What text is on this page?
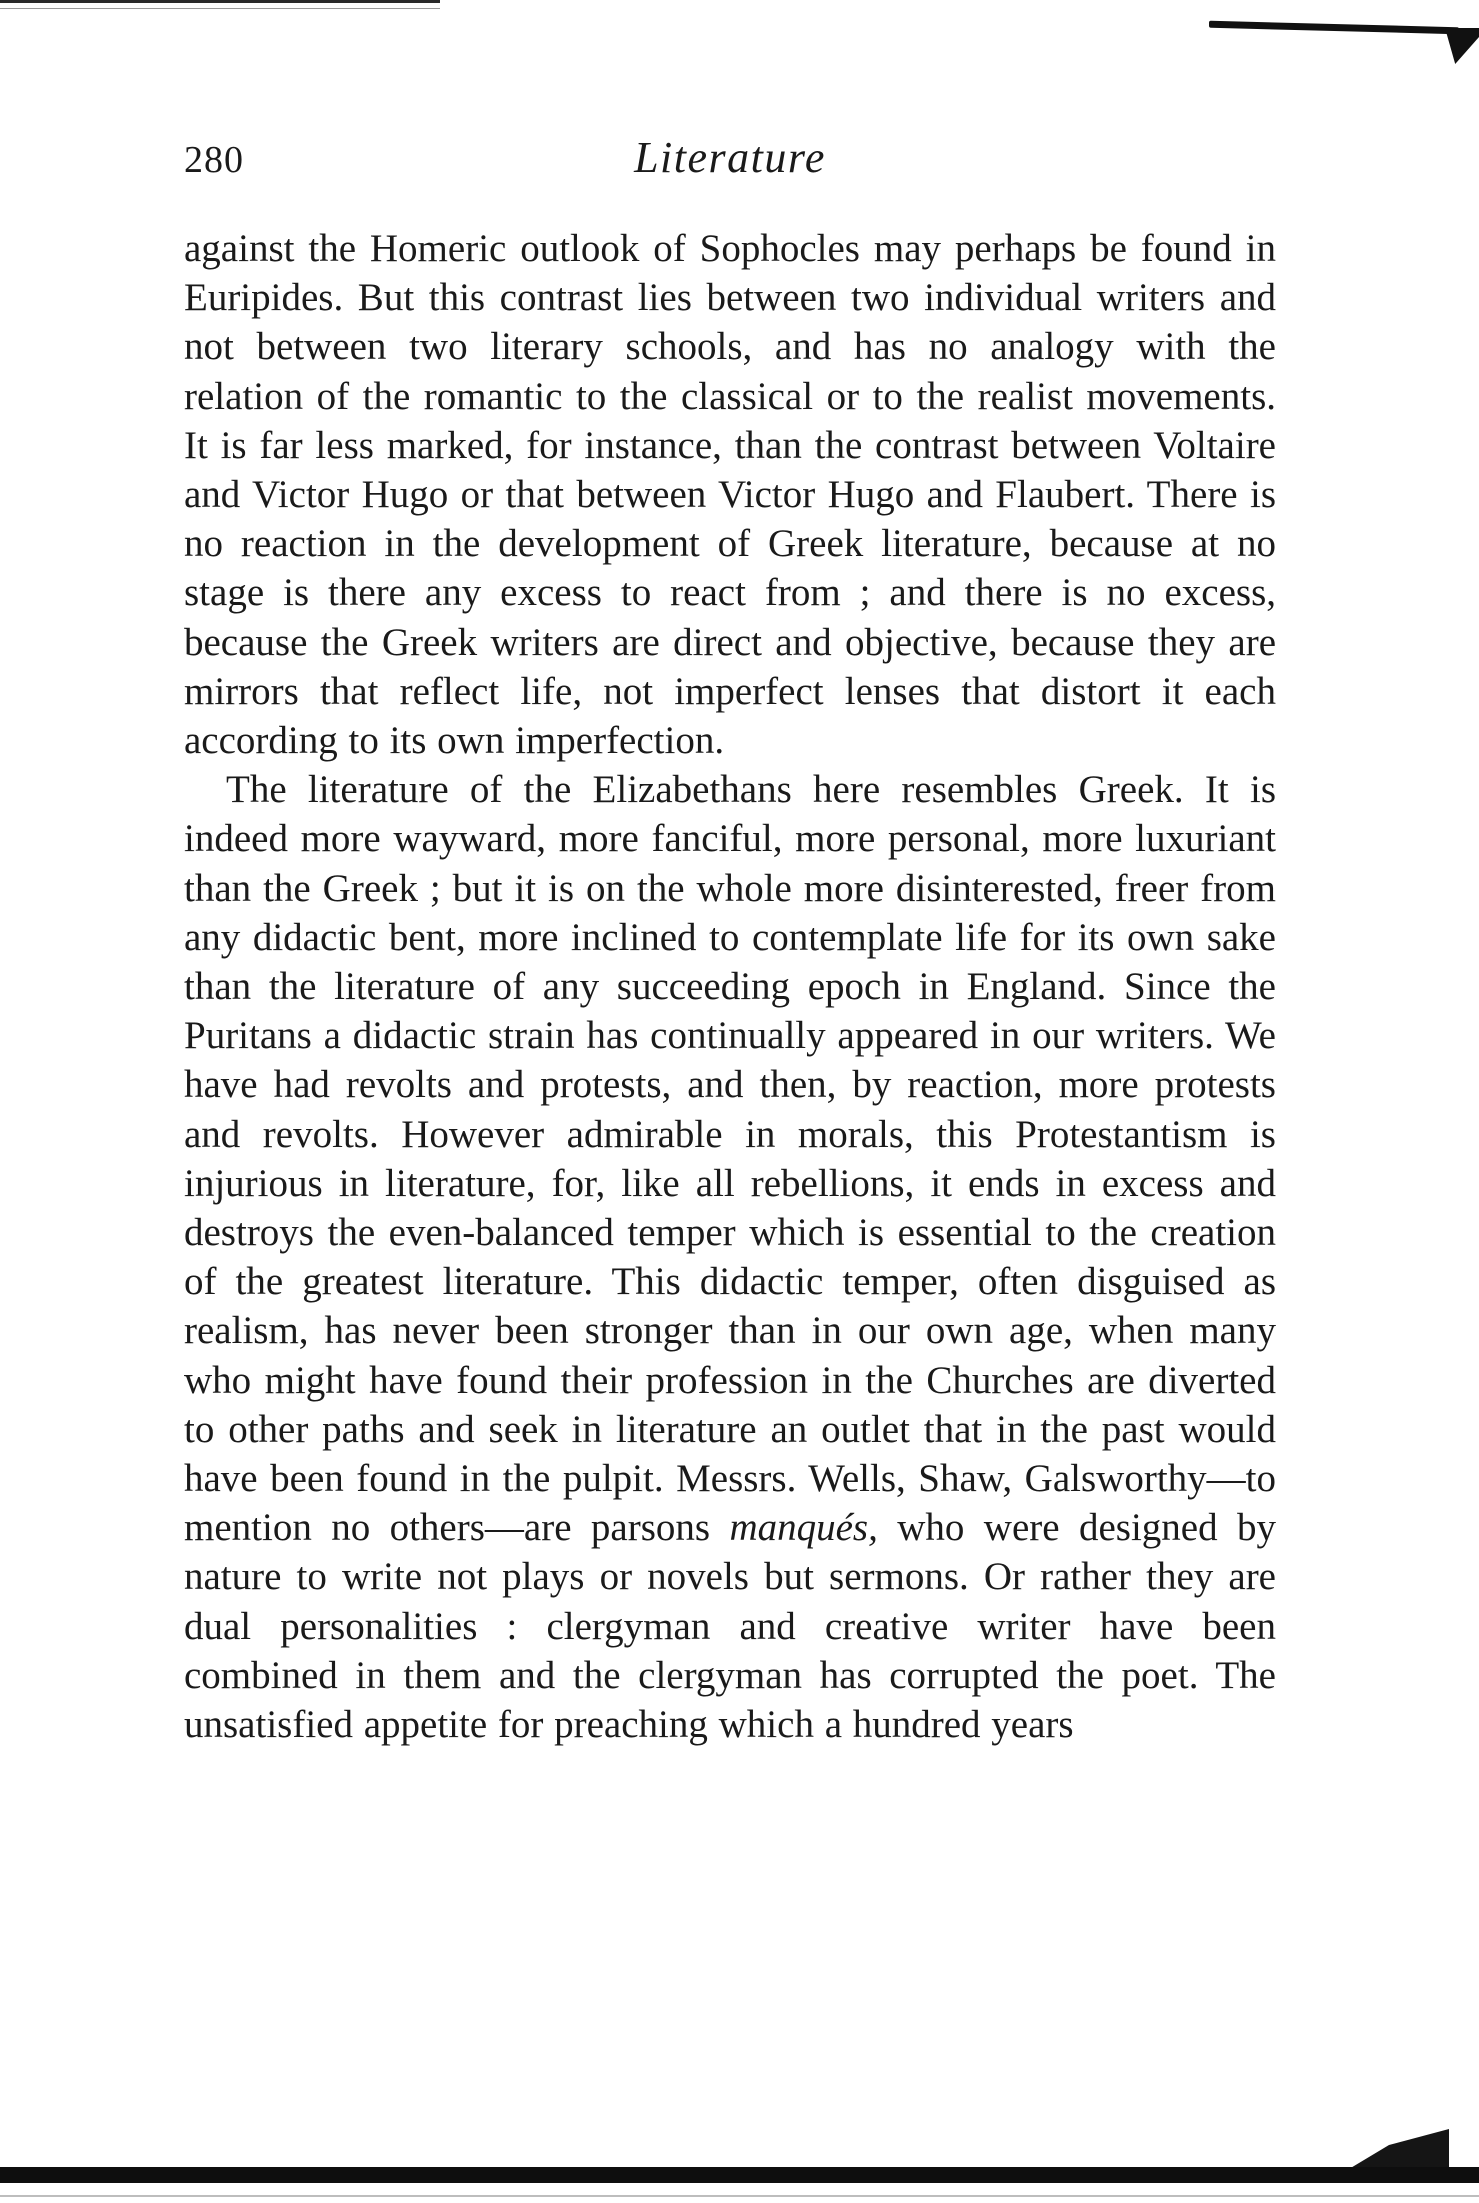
280	Literature

against the Homeric outlook of Sophocles may perhaps be found in Euripides. But this contrast lies between two individual writers and not between two literary schools, and has no analogy with the relation of the romantic to the classical or to the realist movements. It is far less marked, for instance, than the contrast between Voltaire and Victor Hugo or that between Victor Hugo and Flaubert. There is no reaction in the development of Greek literature, because at no stage is there any excess to react from ; and there is no excess, because the Greek writers are direct and objective, because they are mirrors that reflect life, not imperfect lenses that distort it each according to its own imperfection.

The literature of the Elizabethans here resembles Greek. It is indeed more wayward, more fanciful, more personal, more luxuriant than the Greek ; but it is on the whole more disinterested, freer from any didactic bent, more inclined to contemplate life for its own sake than the literature of any succeeding epoch in England. Since the Puritans a didactic strain has continually appeared in our writers. We have had revolts and protests, and then, by reaction, more protests and revolts. However admirable in morals, this Protestantism is injurious in literature, for, like all rebellions, it ends in excess and destroys the even-balanced temper which is essential to the creation of the greatest literature. This didactic temper, often disguised as realism, has never been stronger than in our own age, when many who might have found their profession in the Churches are diverted to other paths and seek in literature an outlet that in the past would have been found in the pulpit. Messrs. Wells, Shaw, Galsworthy—to mention no others—are parsons manqués, who were designed by nature to write not plays or novels but sermons. Or rather they are dual personalities : clergyman and creative writer have been combined in them and the clergyman has corrupted the poet. The unsatisfied appetite for preaching which a hundred years
